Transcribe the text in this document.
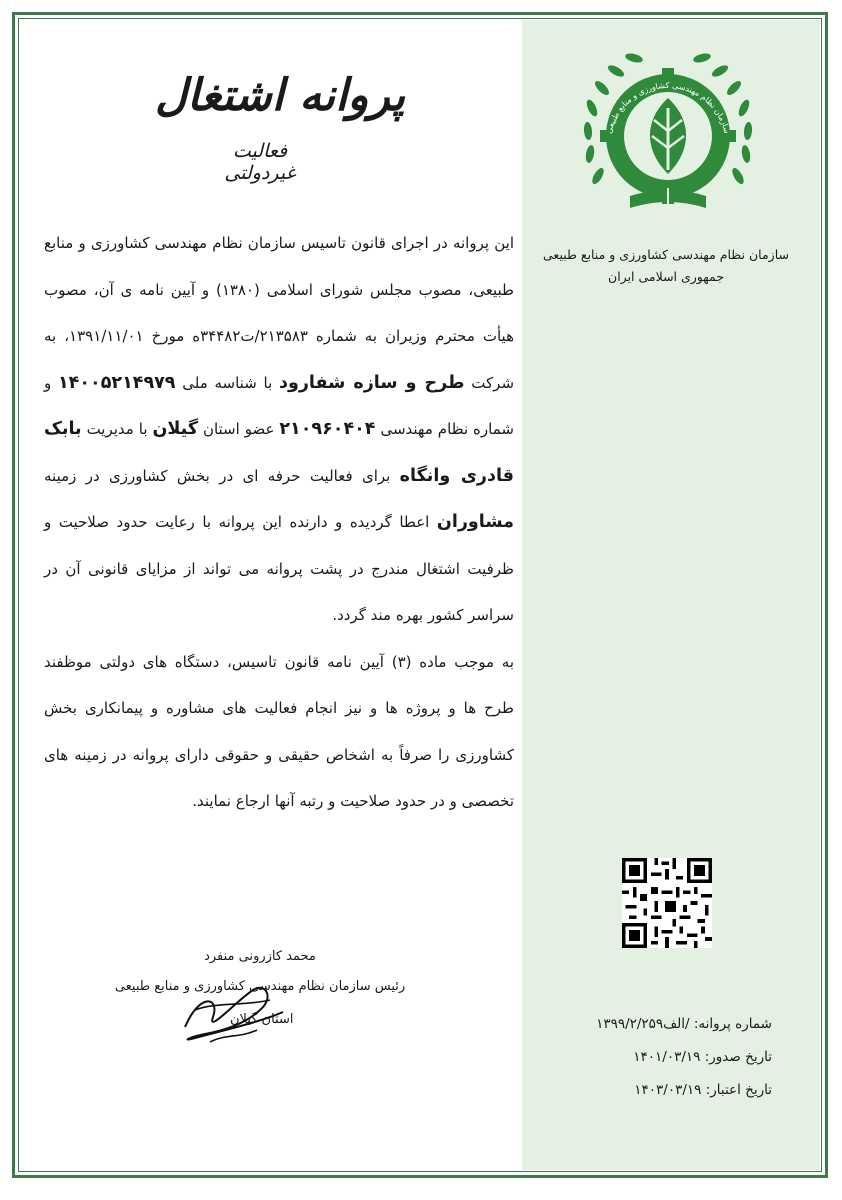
سازمان نظام مهندسی کشاورزی و منابع طبیعی
سازمان نظام مهندسی کشاورزی و منابع طبیعی
جمهوری اسلامی ایران
پروانه اشتغال
فعالیت غیردولتی
این پروانه در اجرای قانون تاسیس سازمان نظام مهندسی کشاورزی و منابع طبیعی، مصوب مجلس شورای اسلامی (۱۳۸۰) و آیین نامه ی آن، مصوب هیأت محترم وزیران به شماره ۲۱۳۵۸۳/ت۳۴۴۸۲ه مورخ ۱۳۹۱/۱۱/۰۱، به شرکت طرح و سازه شفارود با شناسه ملی ۱۴۰۰۵۲۱۴۹۷۹ و شماره نظام مهندسی ۲۱۰۹۶۰۴۰۴ عضو استان گیلان با مدیریت بابک قادری وانگاه برای فعالیت حرفه ای در بخش کشاورزی در زمینه مشاوران اعطا گردیده و دارنده این پروانه با رعایت حدود صلاحیت و ظرفیت اشتغال مندرج در پشت پروانه می تواند از مزایای قانونی آن در سراسر کشور بهره مند گردد.
به موجب ماده (۳) آیین نامه قانون تاسیس، دستگاه های دولتی موظفند طرح ها و پروژه ها و نیز انجام فعالیت های مشاوره و پیمانکاری بخش کشاورزی را صرفاً به اشخاص حقیقی و حقوقی دارای پروانه در زمینه های تخصصی و در حدود صلاحیت و رتبه آنها ارجاع نمایند.
محمد کازرونی منفرد
رئیس سازمان نظام مهندسی کشاورزی و منابع طبیعی
استان گیلان	شماره پروانه: /الف۱۳۹۹/۲/۲۵۹
تاریخ صدور: ۱۴۰۱/۰۳/۱۹
تاریخ اعتبار: ۱۴۰۳/۰۳/۱۹
